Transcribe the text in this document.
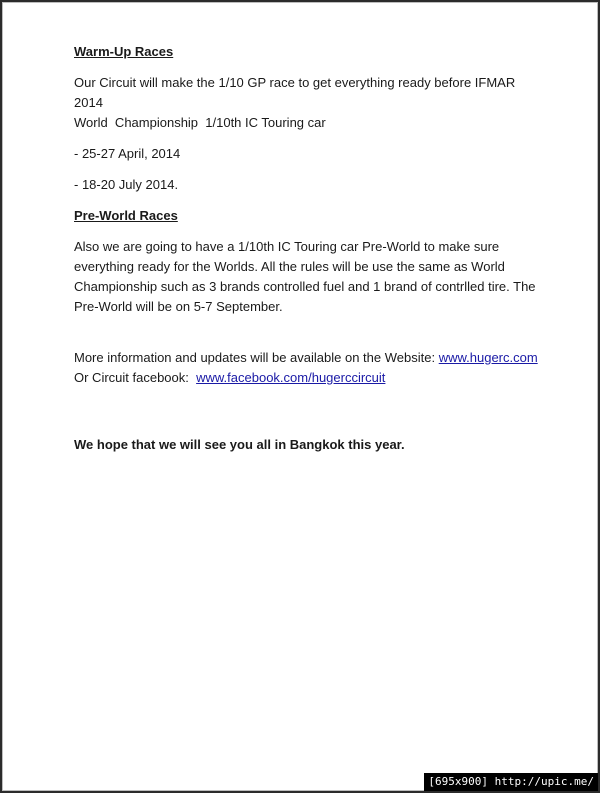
Warm-Up Races

Our Circuit will make the 1/10 GP race to get everything ready before IFMAR 2014
World  Championship  1/10th IC Touring car

- 25-27 April, 2014

- 18-20 July 2014.

Pre-World Races

Also we are going to have a 1/10th IC Touring car Pre-World to make sure
everything ready for the Worlds. All the rules will be use the same as World
Championship such as 3 brands controlled fuel and 1 brand of contrlled tire. The
Pre-World will be on 5-7 September.

More information and updates will be available on the Website: www.hugerc.com
Or Circuit facebook:  www.facebook.com/hugerccircuit

We hope that we will see you all in Bangkok this year.

[695x900] http://upic.me/
